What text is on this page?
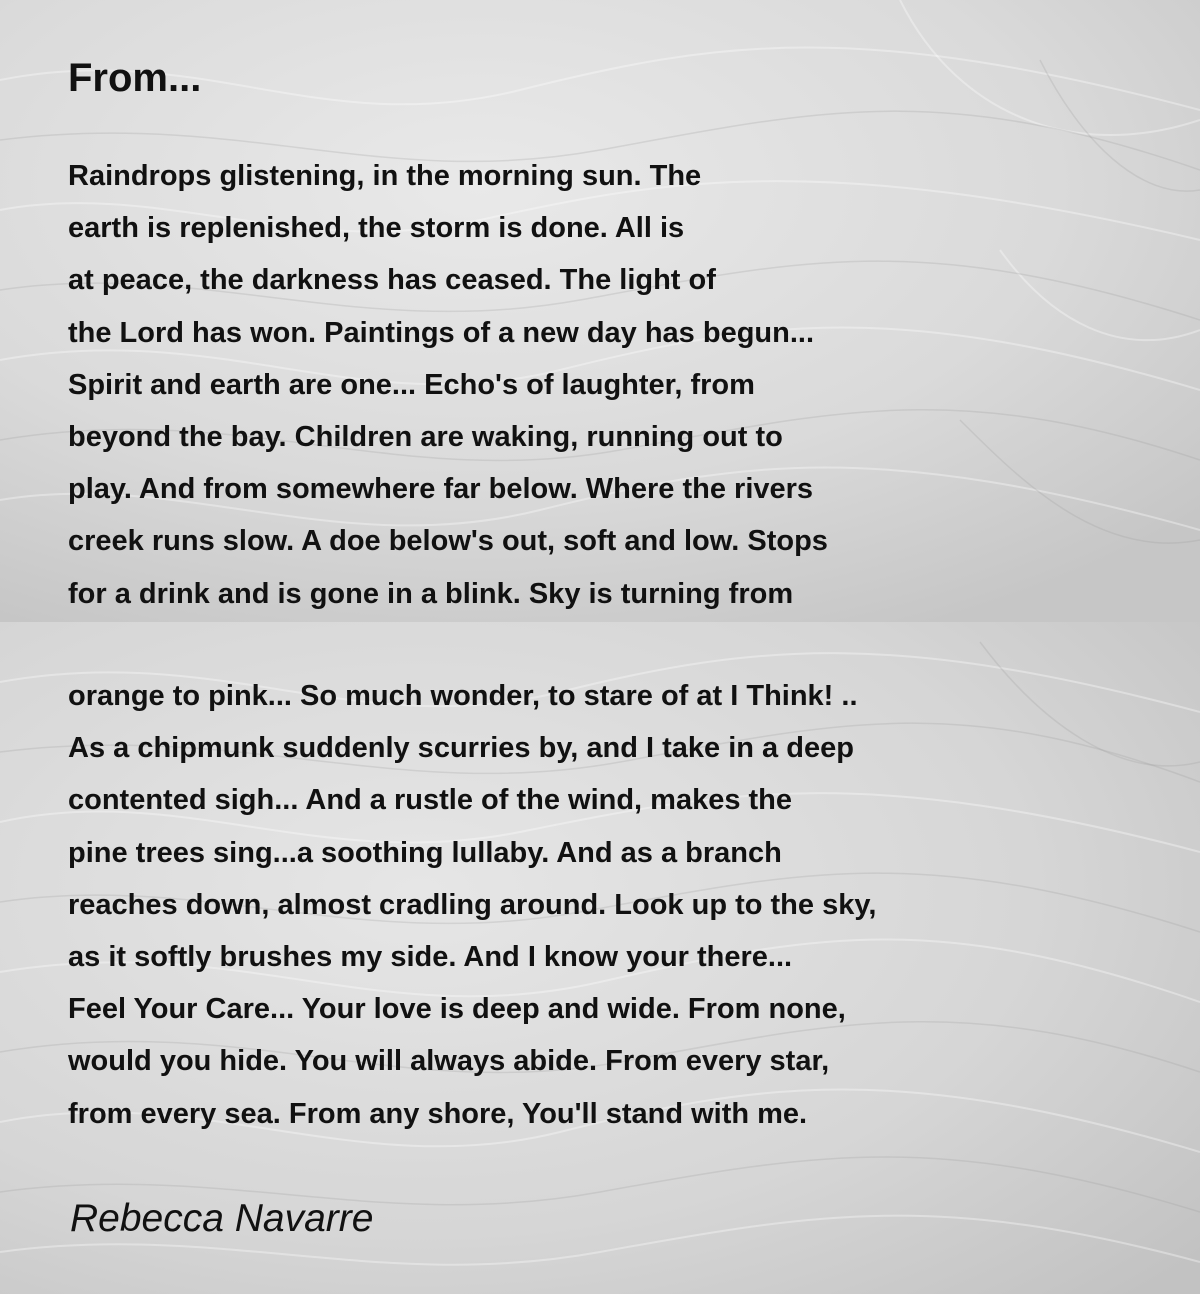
From...
Raindrops glistening, in the morning sun. The
earth is replenished, the storm is done. All is
at peace, the darkness has ceased. The light of
the Lord has won. Paintings of a new day has begun...
Spirit and earth are one... Echo's of laughter, from
beyond the bay. Children are waking, running out to
play. And from somewhere far below. Where the rivers
creek runs slow. A doe below's out, soft and low. Stops
for a drink and is gone in a blink. Sky is turning from
orange to pink... So much wonder, to stare of at I Think! ..
As a chipmunk suddenly scurries by, and I take in a deep
contented sigh... And a rustle of the wind, makes the
pine trees sing...a soothing lullaby. And as a branch
reaches down, almost cradling around. Look up to the sky,
as it softly brushes my side. And I know your there...
Feel Your Care... Your love is deep and wide. From none,
would you hide. You will always abide. From every star,
from every sea. From any shore, You'll stand with me.

Rebecca Navarre
